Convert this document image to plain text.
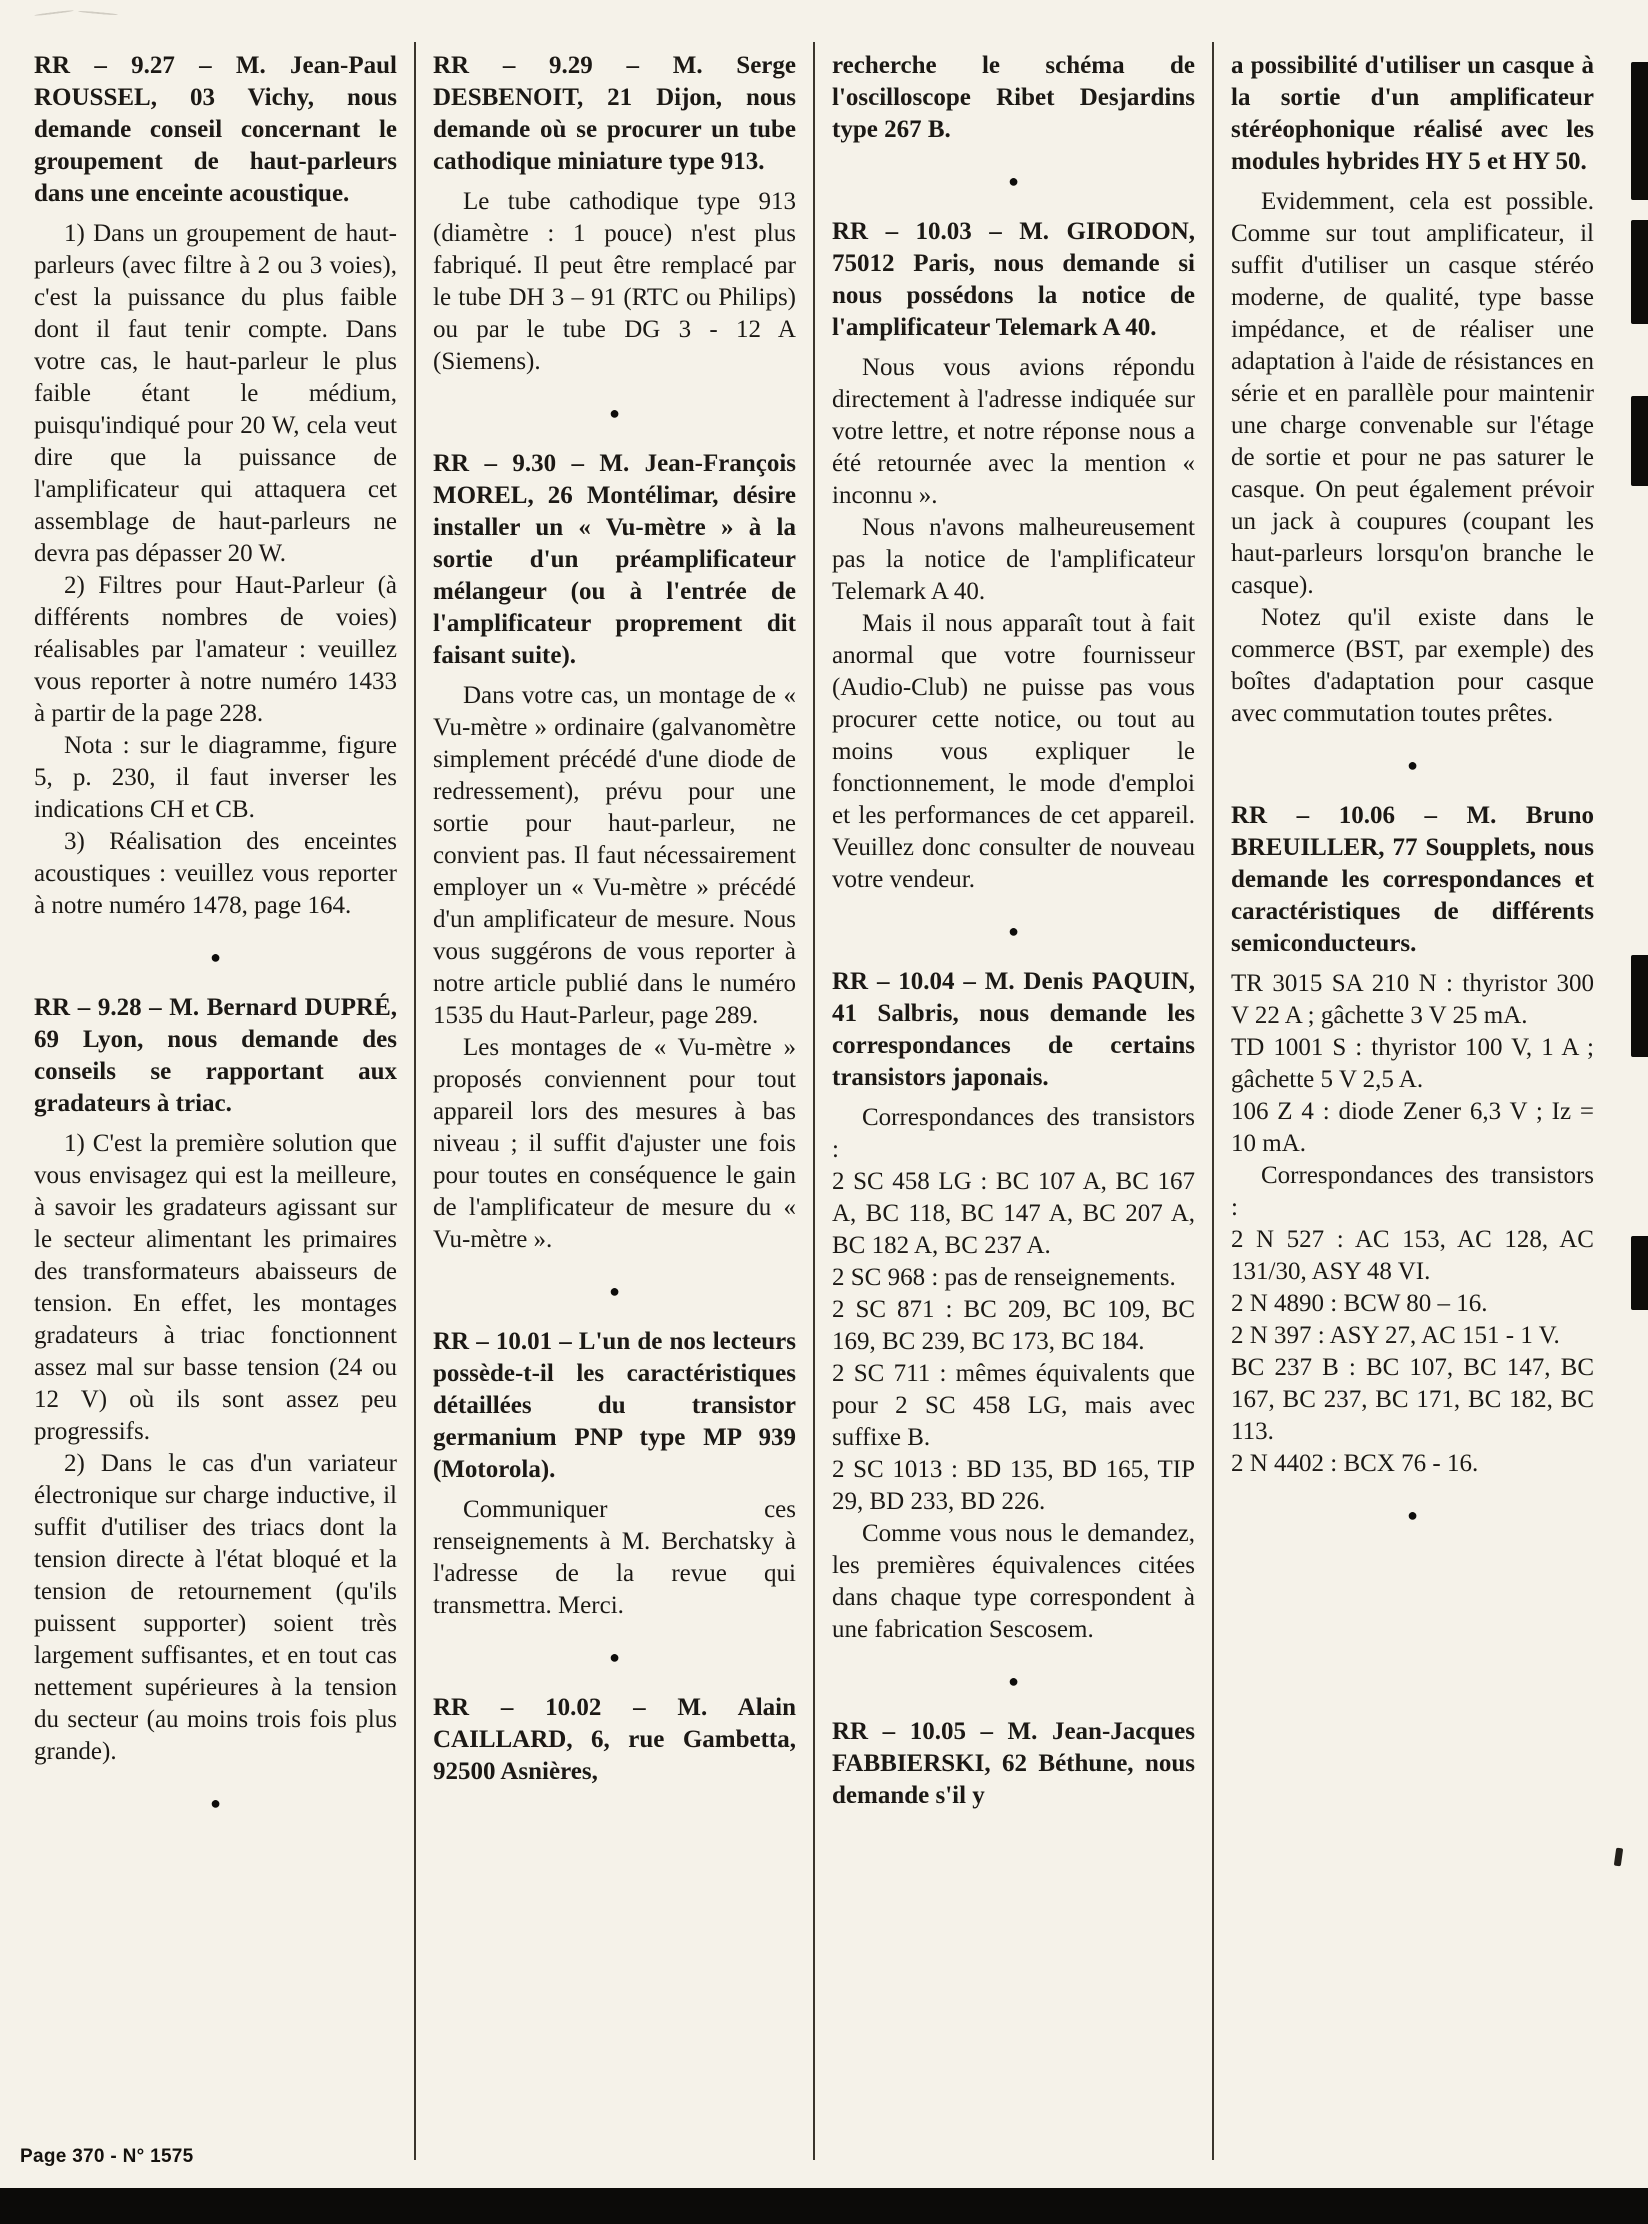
RR – 9.27 – M. Jean-Paul ROUSSEL, 03 Vichy, nous demande conseil concernant le groupement de haut-parleurs dans une enceinte acoustique.

1) Dans un groupement de haut-parleurs (avec filtre à 2 ou 3 voies), c'est la puissance du plus faible dont il faut tenir compte. Dans votre cas, le haut-parleur le plus faible étant le médium, puisqu'indiqué pour 20 W, cela veut dire que la puissance de l'amplificateur qui attaquera cet assemblage de haut-parleurs ne devra pas dépasser 20 W.

2) Filtres pour Haut-Parleur (à différents nombres de voies) réalisables par l'amateur : veuillez vous reporter à notre numéro 1433 à partir de la page 228.

Nota : sur le diagramme, figure 5, p. 230, il faut inverser les indications CH et CB.

3) Réalisation des enceintes acoustiques : veuillez vous reporter à notre numéro 1478, page 164.

●

RR – 9.28 – M. Bernard DUPRÉ, 69 Lyon, nous demande des conseils se rapportant aux gradateurs à triac.

1) C'est la première solution que vous envisagez qui est la meilleure, à savoir les gradateurs agissant sur le secteur alimentant les primaires des transformateurs abaisseurs de tension. En effet, les montages gradateurs à triac fonctionnent assez mal sur basse tension (24 ou 12 V) où ils sont assez peu progressifs.

2) Dans le cas d'un variateur électronique sur charge inductive, il suffit d'utiliser des triacs dont la tension directe à l'état bloqué et la tension de retournement (qu'ils puissent supporter) soient très largement suffisantes, et en tout cas nettement supérieures à la tension du secteur (au moins trois fois plus grande).

●

RR – 9.29 – M. Serge DESBENOIT, 21 Dijon, nous demande où se procurer un tube cathodique miniature type 913.

Le tube cathodique type 913 (diamètre : 1 pouce) n'est plus fabriqué. Il peut être remplacé par le tube DH 3 – 91 (RTC ou Philips) ou par le tube DG 3 - 12 A (Siemens).

●

RR – 9.30 – M. Jean-François MOREL, 26 Montélimar, désire installer un « Vu-mètre » à la sortie d'un préamplificateur mélangeur (ou à l'entrée de l'amplificateur proprement dit faisant suite).

Dans votre cas, un montage de « Vu-mètre » ordinaire (galvanomètre simplement précédé d'une diode de redressement), prévu pour une sortie pour haut-parleur, ne convient pas. Il faut nécessairement employer un « Vu-mètre » précédé d'un amplificateur de mesure. Nous vous suggérons de vous reporter à notre article publié dans le numéro 1535 du Haut-Parleur, page 289.

Les montages de « Vu-mètre » proposés conviennent pour tout appareil lors des mesures à bas niveau ; il suffit d'ajuster une fois pour toutes en conséquence le gain de l'amplificateur de mesure du « Vu-mètre ».

●

RR – 10.01 – L'un de nos lecteurs possède-t-il les caractéristiques détaillées du transistor germanium PNP type MP 939 (Motorola).

Communiquer ces renseignements à M. Berchatsky à l'adresse de la revue qui transmettra. Merci.

●

RR – 10.02 – M. Alain CAILLARD, 6, rue Gambetta, 92500 Asnières,

recherche le schéma de l'oscilloscope Ribet Desjardins type 267 B.

●

RR – 10.03 – M. GIRODON, 75012 Paris, nous demande si nous possédons la notice de l'amplificateur Telemark A 40.

Nous vous avions répondu directement à l'adresse indiquée sur votre lettre, et notre réponse nous a été retournée avec la mention « inconnu ».

Nous n'avons malheureusement pas la notice de l'amplificateur Telemark A 40.

Mais il nous apparaît tout à fait anormal que votre fournisseur (Audio-Club) ne puisse pas vous procurer cette notice, ou tout au moins vous expliquer le fonctionnement, le mode d'emploi et les performances de cet appareil. Veuillez donc consulter de nouveau votre vendeur.

●

RR – 10.04 – M. Denis PAQUIN, 41 Salbris, nous demande les correspondances de certains transistors japonais.

Correspondances des transistors :

2 SC 458 LG : BC 107 A, BC 167 A, BC 118, BC 147 A, BC 207 A, BC 182 A, BC 237 A.

2 SC 968 : pas de renseignements.

2 SC 871 : BC 209, BC 109, BC 169, BC 239, BC 173, BC 184.

2 SC 711 : mêmes équivalents que pour 2 SC 458 LG, mais avec suffixe B.

2 SC 1013 : BD 135, BD 165, TIP 29, BD 233, BD 226.

Comme vous nous le demandez, les premières équivalences citées dans chaque type correspondent à une fabrication Sescosem.

●

RR – 10.05 – M. Jean-Jacques FABBIERSKI, 62 Béthune, nous demande s'il y

a possibilité d'utiliser un casque à la sortie d'un amplificateur stéréophonique réalisé avec les modules hybrides HY 5 et HY 50.

Evidemment, cela est possible. Comme sur tout amplificateur, il suffit d'utiliser un casque stéréo moderne, de qualité, type basse impédance, et de réaliser une adaptation à l'aide de résistances en série et en parallèle pour maintenir une charge convenable sur l'étage de sortie et pour ne pas saturer le casque. On peut également prévoir un jack à coupures (coupant les haut-parleurs lorsqu'on branche le casque).

Notez qu'il existe dans le commerce (BST, par exemple) des boîtes d'adaptation pour casque avec commutation toutes prêtes.

●

RR – 10.06 – M. Bruno BREUILLER, 77 Soupplets, nous demande les correspondances et caractéristiques de différents semiconducteurs.

TR 3015 SA 210 N : thyristor 300 V 22 A ; gâchette 3 V 25 mA.

TD 1001 S : thyristor 100 V, 1 A ; gâchette 5 V 2,5 A.

106 Z 4 : diode Zener 6,3 V ; Iz = 10 mA.

Correspondances des transistors :

2 N 527 : AC 153, AC 128, AC 131/30, ASY 48 VI.

2 N 4890 : BCW 80 – 16.

2 N 397 : ASY 27, AC 151 - 1 V.

BC 237 B : BC 107, BC 147, BC 167, BC 237, BC 171, BC 182, BC 113.

2 N 4402 : BCX 76 - 16.

●
Page 370 - N° 1575
